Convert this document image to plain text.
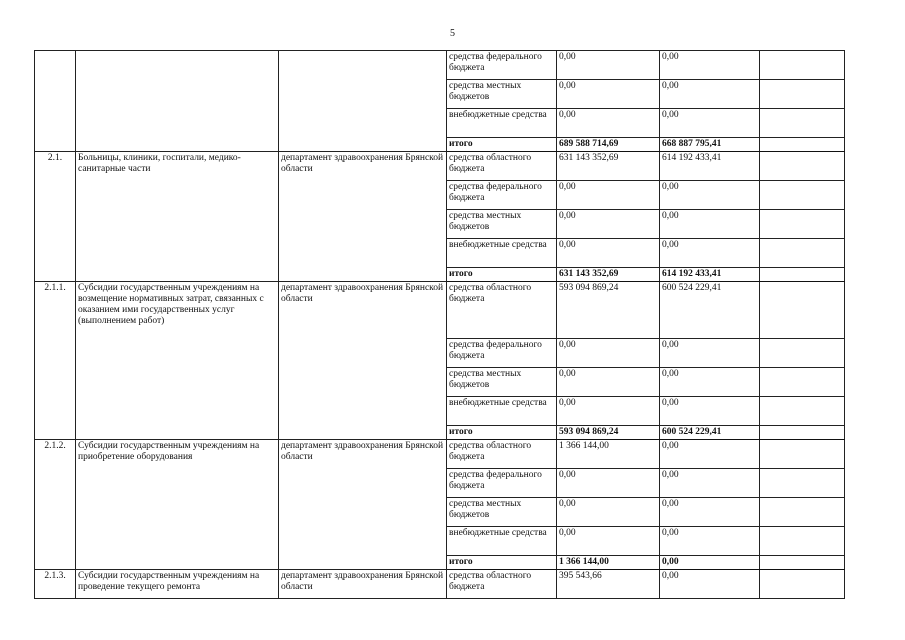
5
			средства федерального бюджета	0,00	0,00	
			средства местных бюджетов	0,00	0,00	
			внебюджетные средства	0,00	0,00	
			итого	689 588 714,69	668 887 795,41	
2.1.	Больницы, клиники, госпитали, медико-санитарные части	департамент здравоохранения Брянской области	средства областного бюджета	631 143 352,69	614 192 433,41	
			средства федерального бюджета	0,00	0,00	
			средства местных бюджетов	0,00	0,00	
			внебюджетные средства	0,00	0,00	
			итого	631 143 352,69	614 192 433,41	
2.1.1.	Субсидии государственным учреждениям на возмещение нормативных затрат, связанных с оказанием ими государственных услуг (выполнением работ)	департамент здравоохранения Брянской области	средства областного бюджета	593 094 869,24	600 524 229,41	
			средства федерального бюджета	0,00	0,00	
			средства местных бюджетов	0,00	0,00	
			внебюджетные средства	0,00	0,00	
			итого	593 094 869,24	600 524 229,41	
2.1.2.	Субсидии государственным учреждениям на приобретение оборудования	департамент здравоохранения Брянской области	средства областного бюджета	1 366 144,00	0,00	
			средства федерального бюджета	0,00	0,00	
			средства местных бюджетов	0,00	0,00	
			внебюджетные средства	0,00	0,00	
			итого	1 366 144,00	0,00	
2.1.3.	Субсидии государственным учреждениям на проведение текущего ремонта	департамент здравоохранения Брянской области	средства областного бюджета	395 543,66	0,00	
